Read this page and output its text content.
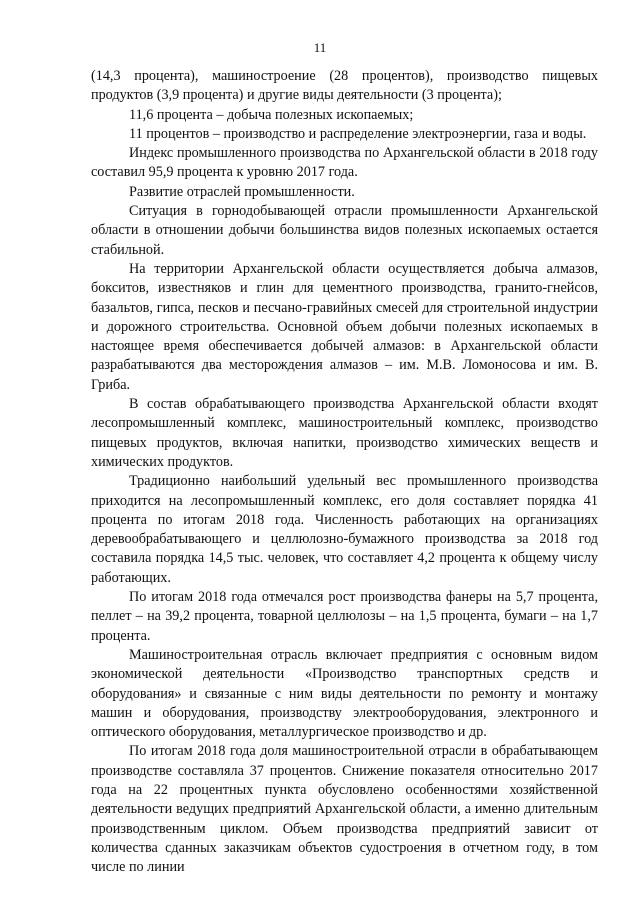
11

(14,3 процента), машиностроение (28 процентов), производство пищевых продуктов (3,9 процента) и другие виды деятельности (3 процента);

11,6 процента – добыча полезных ископаемых;

11 процентов – производство и распределение электроэнергии, газа и воды.

Индекс промышленного производства по Архангельской области в 2018 году составил 95,9 процента к уровню 2017 года.

Развитие отраслей промышленности.

Ситуация в горнодобывающей отрасли промышленности Архангельской области в отношении добычи большинства видов полезных ископаемых остается стабильной.

На территории Архангельской области осуществляется добыча алмазов, бокситов, известняков и глин для цементного производства, гранито-гнейсов, базальтов, гипса, песков и песчано-гравийных смесей для строительной индустрии и дорожного строительства. Основной объем добычи полезных ископаемых в настоящее время обеспечивается добычей алмазов: в Архангельской области разрабатываются два месторождения алмазов – им. М.В. Ломоносова и им. В. Гриба.

В состав обрабатывающего производства Архангельской области входят лесопромышленный комплекс, машиностроительный комплекс, производство пищевых продуктов, включая напитки, производство химических веществ и химических продуктов.

Традиционно наибольший удельный вес промышленного производства приходится на лесопромышленный комплекс, его доля составляет порядка 41 процента по итогам 2018 года. Численность работающих на организациях деревообрабатывающего и целлюлозно-бумажного производства за 2018 год составила порядка 14,5 тыс. человек, что составляет 4,2 процента к общему числу работающих.

По итогам 2018 года отмечался рост производства фанеры на 5,7 процента, пеллет – на 39,2 процента, товарной целлюлозы – на 1,5 процента, бумаги – на 1,7 процента.

Машиностроительная отрасль включает предприятия с основным видом экономической деятельности «Производство транспортных средств и оборудования» и связанные с ним виды деятельности по ремонту и монтажу машин и оборудования, производству электрооборудования, электронного и оптического оборудования, металлургическое производство и др.

По итогам 2018 года доля машиностроительной отрасли в обрабатывающем производстве составляла 37 процентов. Снижение показателя относительно 2017 года на 22 процентных пункта обусловлено особенностями хозяйственной деятельности ведущих предприятий Архангельской области, а именно длительным производственным циклом. Объем производства предприятий зависит от количества сданных заказчикам объектов судостроения в отчетном году, в том числе по линии
